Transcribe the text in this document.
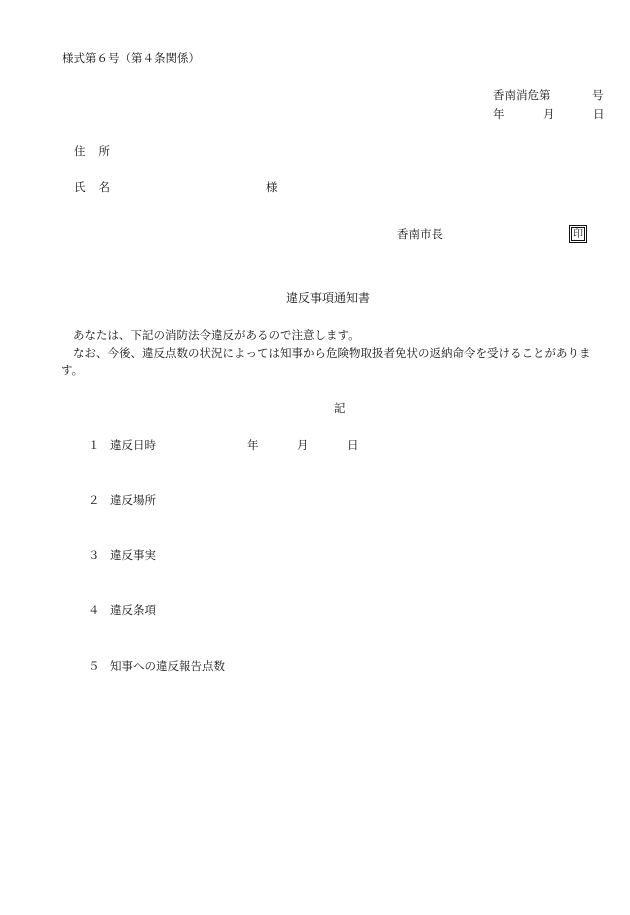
様式第６号（第４条関係）
香南消危第	号
年	月	日
住 所
氏 名	様
香南市長	印
違反事項通知書

あなたは、下記の消防法令違反があるので注意します。

なお、今後、違反点数の状況によっては知事から危険物取扱者免状の返納命令を受けることがあります。

記
１ 違反日時
２ 違反場所
３ 違反事実
４ 違反条項
５ 知事への違反報告点数
年	月	日
